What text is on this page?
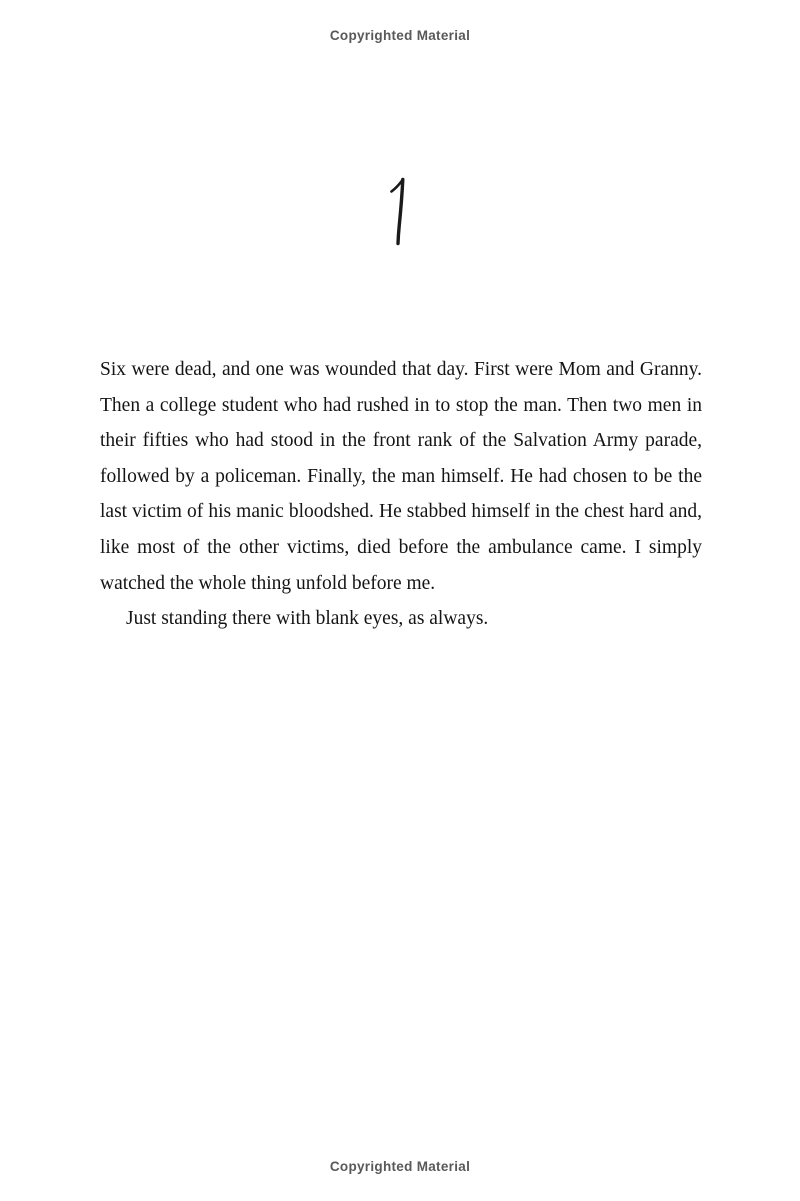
Copyrighted Material

Six were dead, and one was wounded that day. First were Mom and Granny. Then a college student who had rushed in to stop the man. Then two men in their fifties who had stood in the front rank of the Salvation Army parade, followed by a policeman. Finally, the man himself. He had chosen to be the last victim of his manic bloodshed. He stabbed himself in the chest hard and, like most of the other victims, died before the ambulance came. I simply watched the whole thing unfold before me.

Just standing there with blank eyes, as always.

Copyrighted Material
